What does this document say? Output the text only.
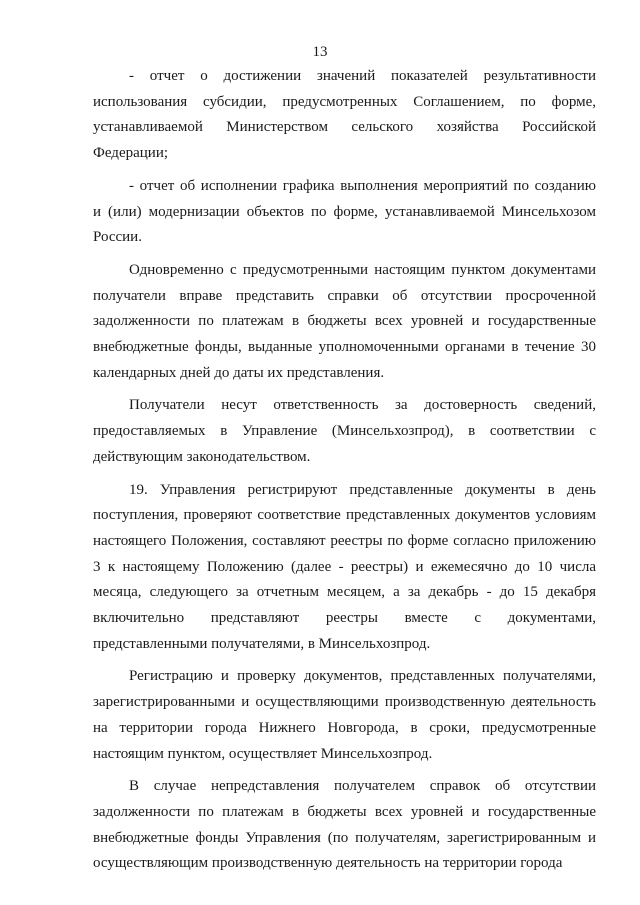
13
- отчет о достижении значений показателей результативности
использования субсидии, предусмотренных Соглашением, по форме,
устанавливаемой Министерством сельского хозяйства Российской
Федерации;
- отчет об исполнении графика выполнения мероприятий по созданию
и (или) модернизации объектов по форме, устанавливаемой Минсельхозом
России.
Одновременно с предусмотренными настоящим пунктом документами
получатели вправе представить справки об отсутствии просроченной
задолженности по платежам в бюджеты всех уровней и государственные
внебюджетные фонды, выданные уполномоченными органами в течение 30
календарных дней до даты их представления.
Получатели несут ответственность за достоверность сведений,
предоставляемых в Управление (Минсельхозпрод), в соответствии с
действующим законодательством.
19. Управления регистрируют представленные документы в день
поступления, проверяют соответствие представленных документов условиям
настоящего Положения, составляют реестры по форме согласно приложению
3 к настоящему Положению (далее - реестры) и ежемесячно до 10 числа
месяца, следующего за отчетным месяцем, а за декабрь - до 15 декабря
включительно представляют реестры вместе с документами,
представленными получателями, в Минсельхозпрод.
Регистрацию и проверку документов, представленных получателями,
зарегистрированными и осуществляющими производственную деятельность
на территории города Нижнего Новгорода, в сроки, предусмотренные
настоящим пунктом, осуществляет Минсельхозпрод.
В случае непредставления получателем справок об отсутствии
задолженности по платежам в бюджеты всех уровней и государственные
внебюджетные фонды Управления (по получателям, зарегистрированным и
осуществляющим производственную деятельность на территории города
